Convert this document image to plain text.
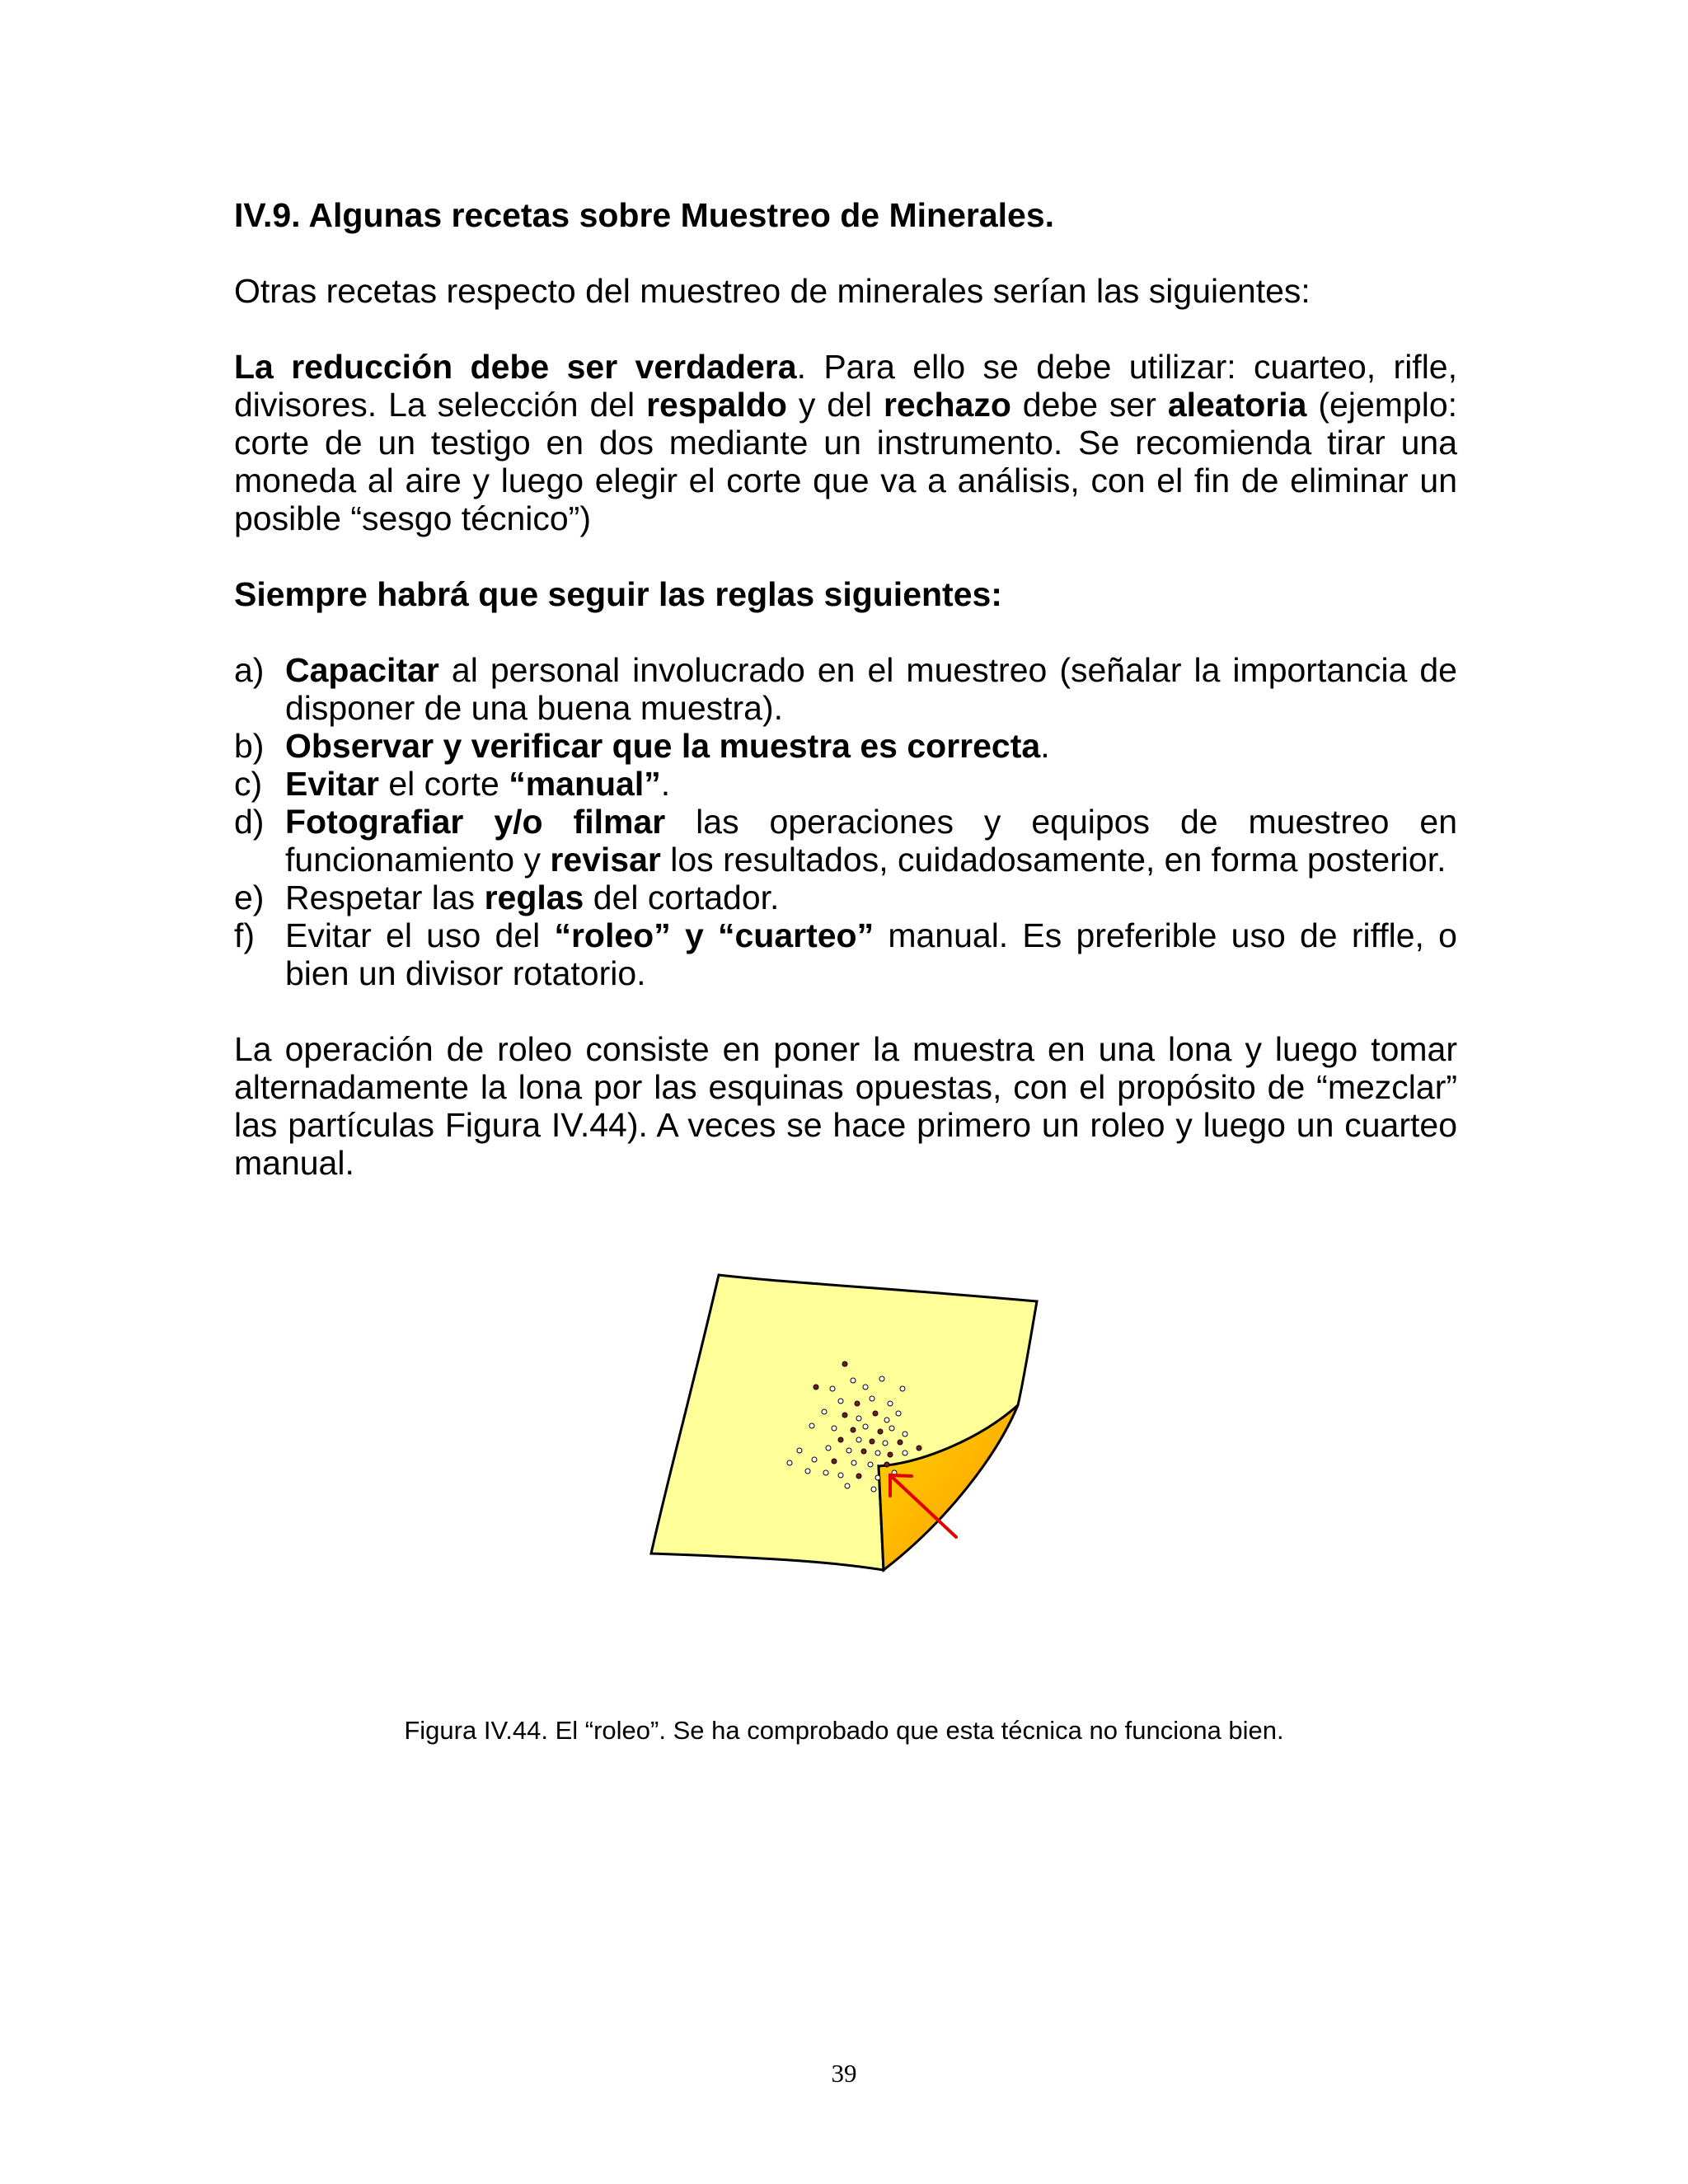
IV.9. Algunas recetas sobre Muestreo de Minerales.

Otras recetas respecto del muestreo de minerales serían las siguientes:

La reducción debe ser verdadera. Para ello se debe utilizar: cuarteo, rifle, divisores. La selección del respaldo y del rechazo debe ser aleatoria (ejemplo: corte de un testigo en dos mediante un instrumento. Se recomienda tirar una moneda al aire y luego elegir el corte que va a análisis, con el fin de eliminar un posible “sesgo técnico”)

Siempre habrá que seguir las reglas siguientes:

a) Capacitar al personal involucrado en el muestreo (señalar la importancia de disponer de una buena muestra).
b) Observar y verificar que la muestra es correcta.
c) Evitar el corte “manual”.
d) Fotografiar y/o filmar las operaciones y equipos de muestreo en funcionamiento y revisar los resultados, cuidadosamente, en forma posterior.
e) Respetar las reglas del cortador.
f) Evitar el uso del “roleo” y “cuarteo” manual. Es preferible uso de riffle, o bien un divisor rotatorio.

La operación de roleo consiste en poner la muestra en una lona y luego tomar alternadamente la lona por las esquinas opuestas, con el propósito de “mezclar” las partículas Figura IV.44). A veces se hace primero un roleo y luego un cuarteo manual.

Figura IV.44. El “roleo”. Se ha comprobado que esta técnica no funciona bien.
39
